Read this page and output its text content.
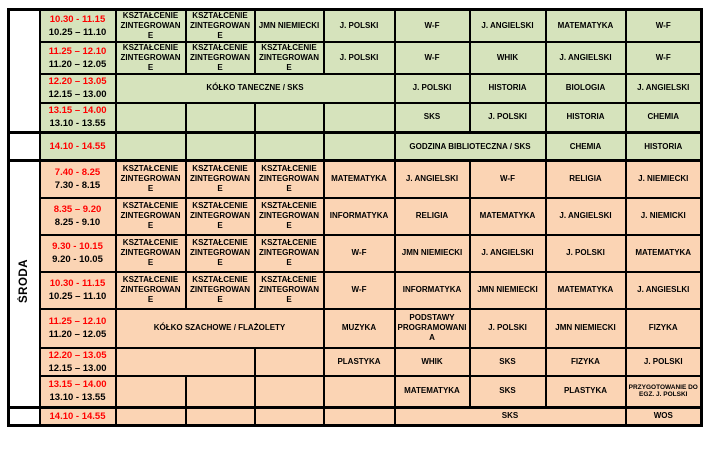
	10.30 - 11.15
10.25 – 11.10	KSZTAŁCENIE ZINTEGROWANE	KSZTAŁCENIE ZINTEGROWANE	JMN NIEMIECKI	J. POLSKI	W-F	J. ANGIELSKI	MATEMATYKA	W-F

	11.25 – 12.10
11.20 – 12.05	KSZTAŁCENIE ZINTEGROWANE	KSZTAŁCENIE ZINTEGROWANE	KSZTAŁCENIE ZINTEGROWANE	J. POLSKI	W-F	WHIK	J. ANGIELSKI	W-F

	12.20 – 13.05
12.15 – 13.00	KÓŁKO TANECZNE / SKS				J. POLSKI	HISTORIA	BIOLOGIA	J. ANGIELSKI

	13.15 – 14.00
13.10 - 13.55					SKS	J. POLSKI	HISTORIA	CHEMIA

	14.10 - 14.55					GODZINA BIBLIOTECZNA / SKS		CHEMIA	HISTORIA
ŚRODA	7.40 - 8.25
7.30 - 8.15	KSZTAŁCENIE ZINTEGROWANE	KSZTAŁCENIE ZINTEGROWANE	KSZTAŁCENIE ZINTEGROWANE	MATEMATYKA	J. ANGIELSKI	W-F	RELIGIA	J. NIEMIECKI

	8.35 – 9.20
8.25 - 9.10	KSZTAŁCENIE ZINTEGROWANE	KSZTAŁCENIE ZINTEGROWANE	KSZTAŁCENIE ZINTEGROWANE	INFORMATYKA	RELIGIA	MATEMATYKA	J. ANGIELSKI	J. NIEMICKI

	9.30 - 10.15
9.20 - 10.05	KSZTAŁCENIE ZINTEGROWANE	KSZTAŁCENIE ZINTEGROWANE	KSZTAŁCENIE ZINTEGROWANE	W-F	JMN NIEMIECKI	J. ANGIELSKI	J. POLSKI	MATEMATYKA

	10.30 - 11.15
10.25 – 11.10	KSZTAŁCENIE ZINTEGROWANE	KSZTAŁCENIE ZINTEGROWANE	KSZTAŁCENIE ZINTEGROWANE	W-F	INFORMATYKA	JMN NIEMIECKI	MATEMATYKA	J. ANGIESLKI

	11.25 – 12.10
11.20 – 12.05	KÓŁKO SZACHOWE / FLAŻOLETY			MUZYKA	PODSTAWY PROGRAMOWANIA	J. POLSKI	JMN NIEMIECKI	FIZYKA

	12.20 – 13.05
12.15 – 13.00				PLASTYKA	WHIK	SKS	FIZYKA	J. POLSKI

	13.15 – 14.00
13.10 - 13.55					MATEMATYKA	SKS	PLASTYKA	PRZYGOTOWANIE DO EGZ. J. POLSKI

	14.10 - 14.55					SKS			WOS
